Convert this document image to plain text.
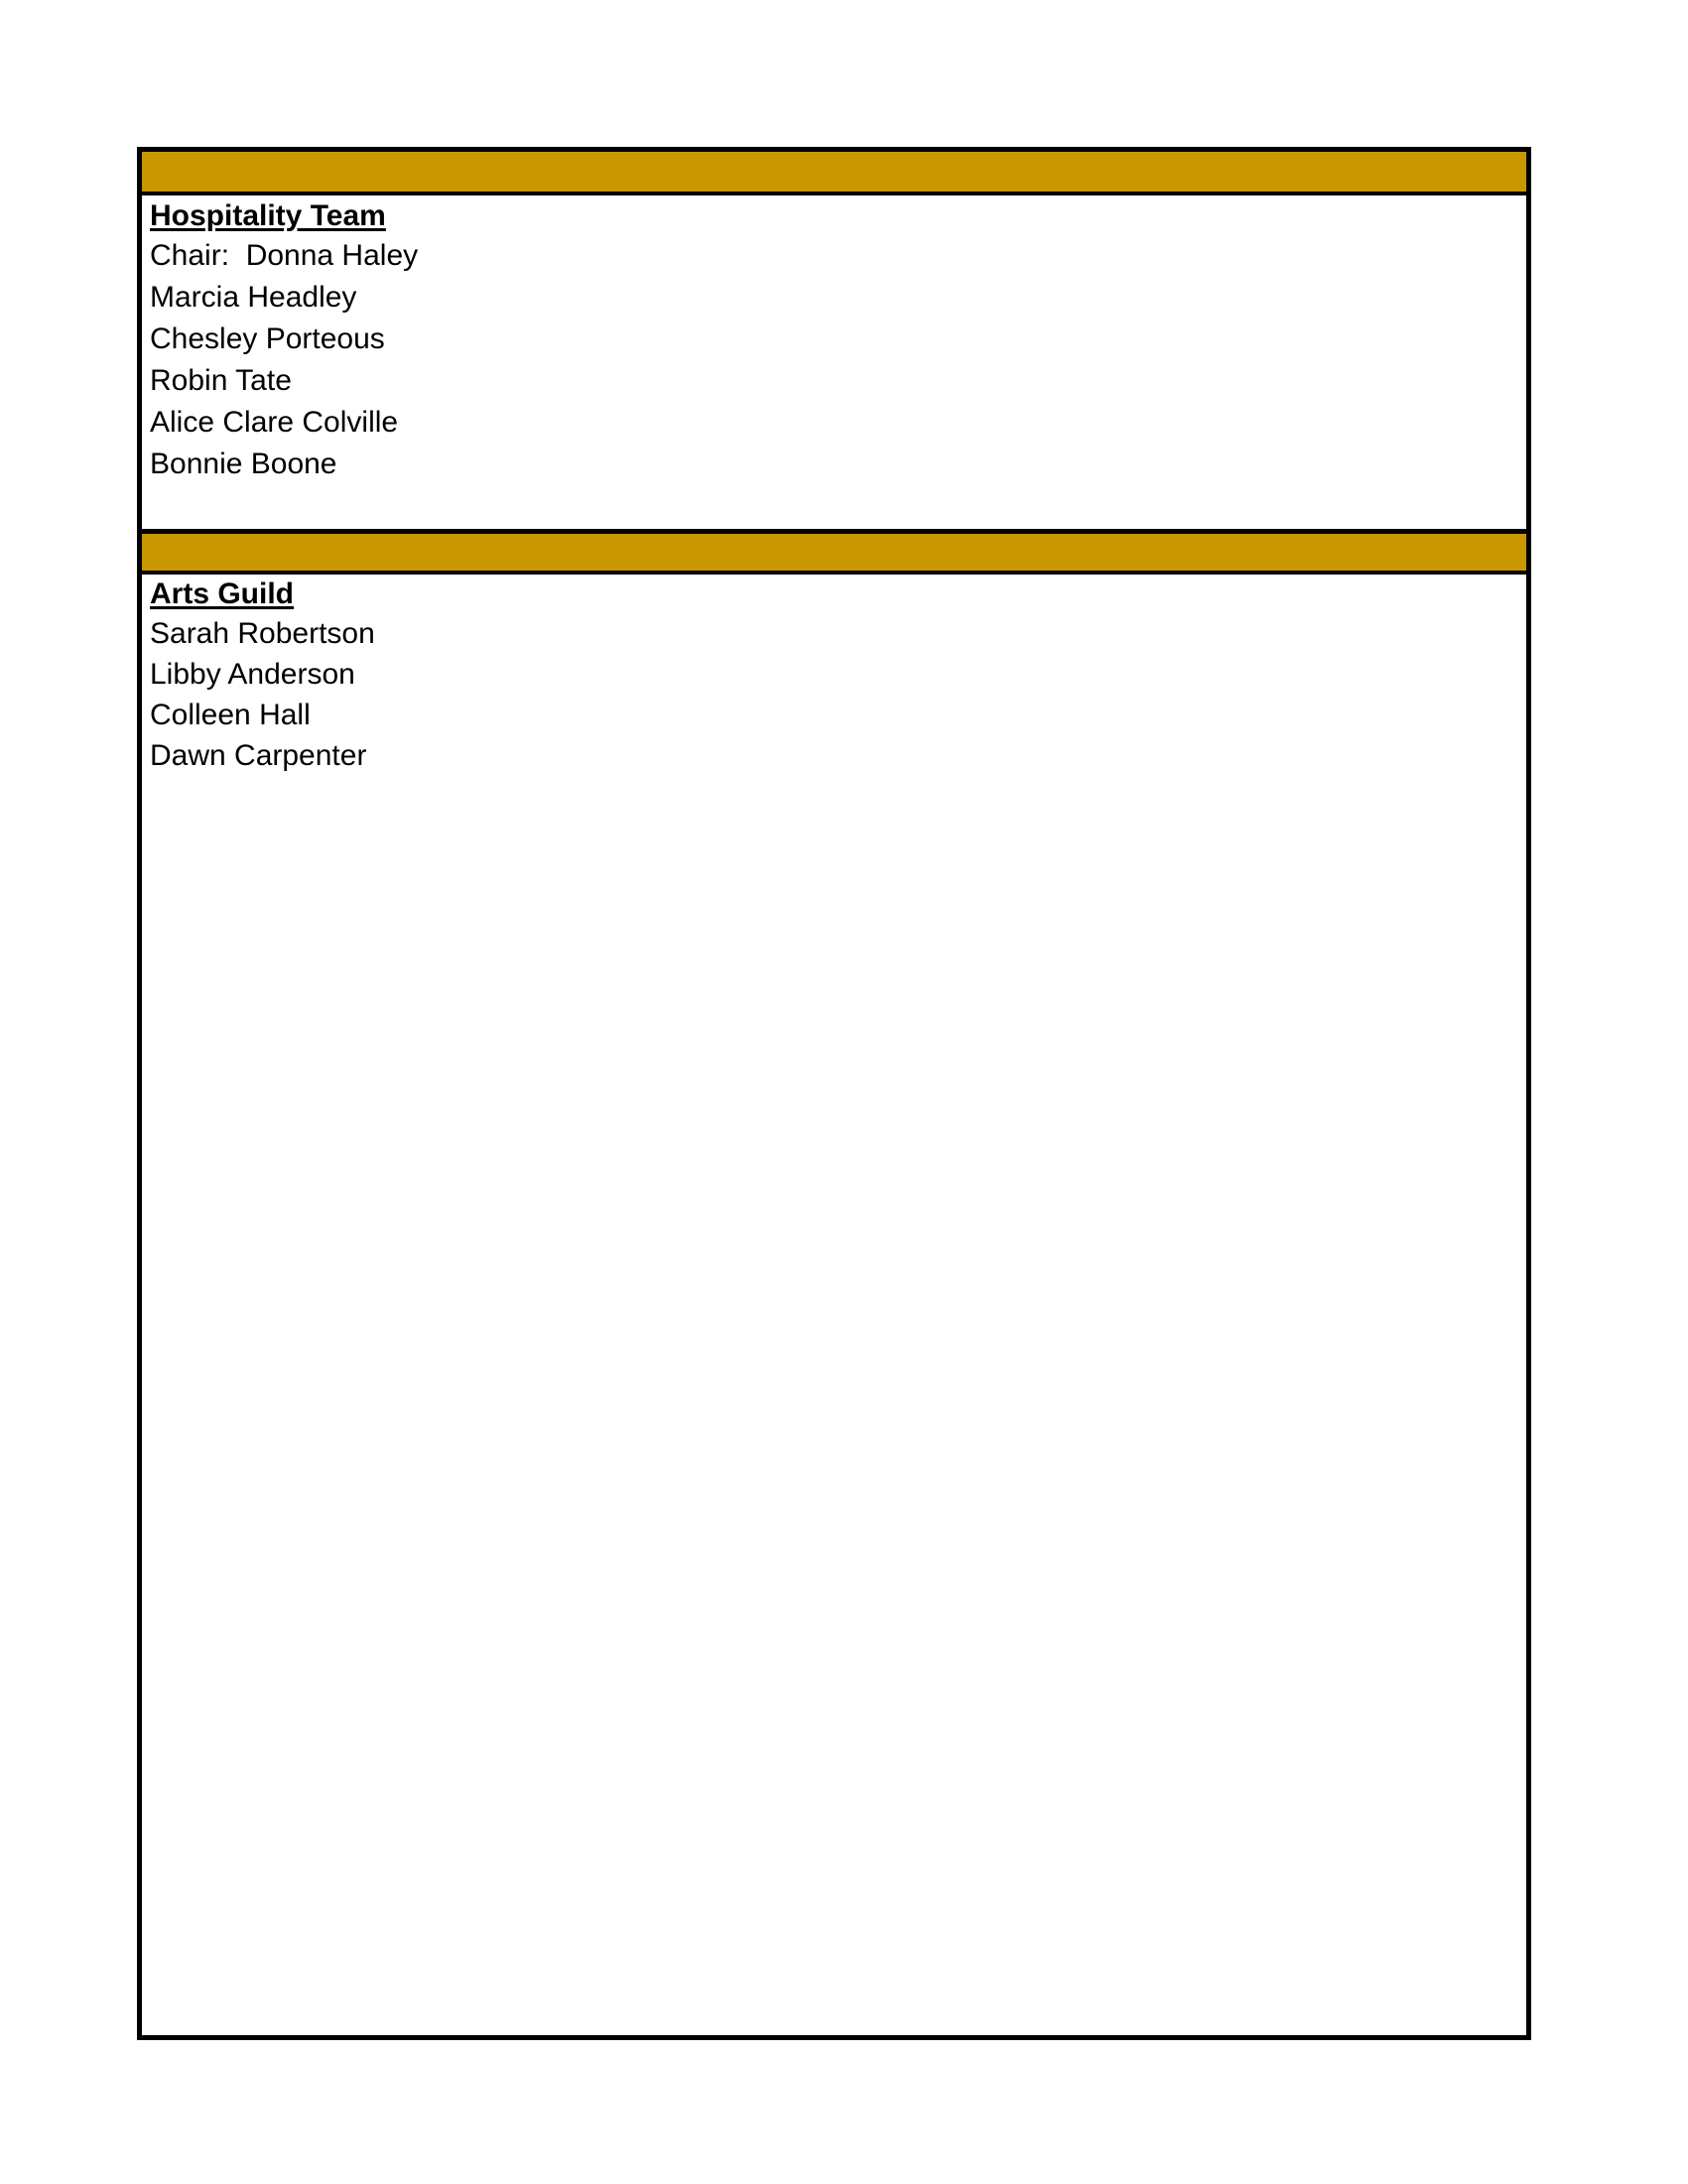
Hospitality Team
Chair:  Donna Haley
Marcia Headley
Chesley Porteous
Robin Tate
Alice Clare Colville
Bonnie Boone
Arts Guild
Sarah Robertson
Libby Anderson
Colleen Hall
Dawn Carpenter
